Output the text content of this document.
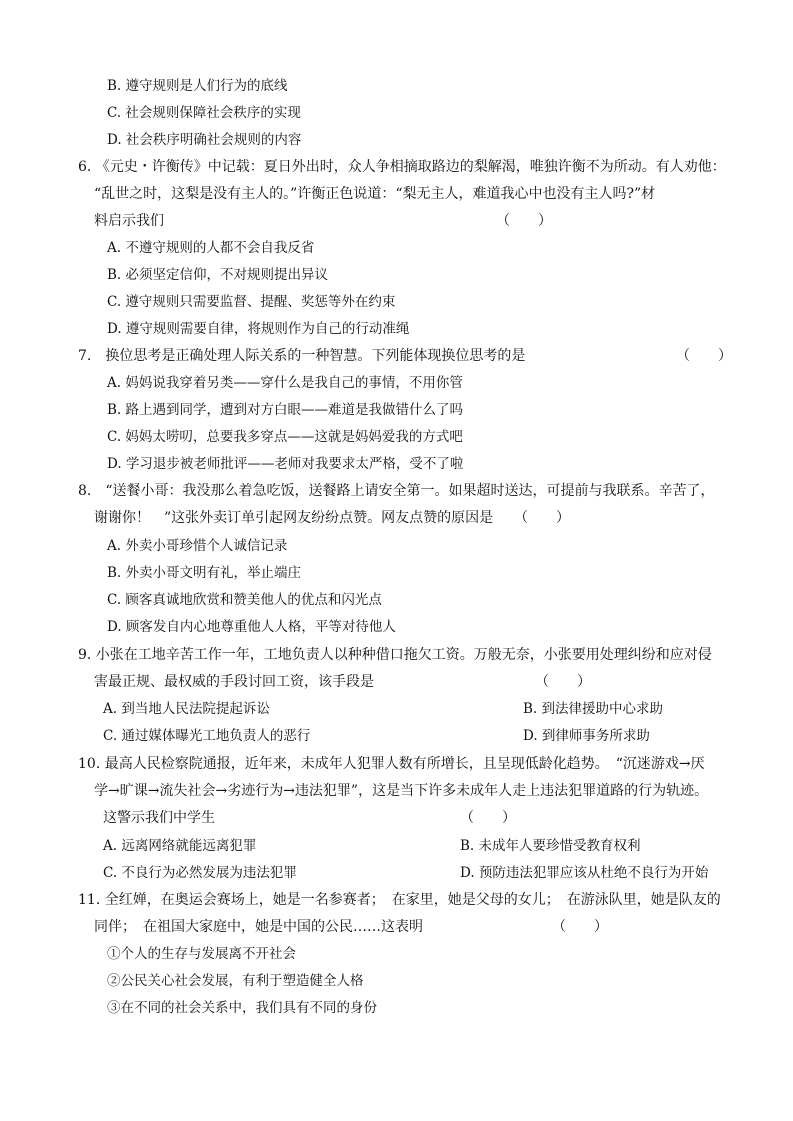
B. 遵守规则是人们行为的底线
C. 社会规则保障社会秩序的实现
D. 社会秩序明确社会规则的内容
6. 《元史・许衡传》中记载：夏日外出时，众人争相摘取路边的梨解渴，唯独许衡不为所动。有人劝他：
“乱世之时，这梨是没有主人的。”许衡正色说道：“梨无主人，难道我心中也没有主人吗?”材
料启示我们	（　　）
A. 不遵守规则的人都不会自我反省
B. 必须坚定信仰，不对规则提出异议
C. 遵守规则只需要监督、提醒、奖惩等外在约束
D. 遵守规则需要自律，将规则作为自己的行动准绳
7.　换位思考是正确处理人际关系的一种智慧。下列能体现换位思考的是	（　　）
A. 妈妈说我穿着另类——穿什么是我自己的事情，不用你管
B. 路上遇到同学，遭到对方白眼——难道是我做错什么了吗
C. 妈妈太唠叨，总要我多穿点——这就是妈妈爱我的方式吧
D. 学习退步被老师批评——老师对我要求太严格，受不了啦
8.　“送餐小哥：我没那么着急吃饭，送餐路上请安全第一。如果超时送达，可提前与我联系。辛苦了，
谢谢你！　”这张外卖订单引起网友纷纷点赞。网友点赞的原因是 （　　）
A. 外卖小哥珍惜个人诚信记录
B. 外卖小哥文明有礼，举止端庄
C. 顾客真诚地欣赏和赞美他人的优点和闪光点
D. 顾客发自内心地尊重他人人格，平等对待他人
9. 小张在工地辛苦工作一年，工地负责人以种种借口拖欠工资。万般无奈，小张要用处理纠纷和应对侵
害最正规、最权威的手段讨回工资，该手段是	（　　）
A. 到当地人民法院提起诉讼	B. 到法律援助中心求助
C. 通过媒体曝光工地负责人的恶行	D. 到律师事务所求助
10. 最高人民检察院通报，近年来，未成年人犯罪人数有所增长，且呈现低龄化趋势。　“沉迷游戏→厌
学→旷课→流失社会→劣迹行为→违法犯罪”，这是当下许多未成年人走上违法犯罪道路的行为轨迹。
这警示我们中学生	（　　）
A. 远离网络就能远离犯罪	B. 未成年人要珍惜受教育权利
C. 不良行为必然发展为违法犯罪	D. 预防违法犯罪应该从杜绝不良行为开始
11. 全红婵，在奥运会赛场上，她是一名参赛者；　在家里，她是父母的女儿；　在游泳队里，她是队友的
同伴；　在祖国大家庭中，她是中国的公民……这表明	（　　）
①个人的生存与发展离不开社会
②公民关心社会发展，有利于塑造健全人格
③在不同的社会关系中，我们具有不同的身份
